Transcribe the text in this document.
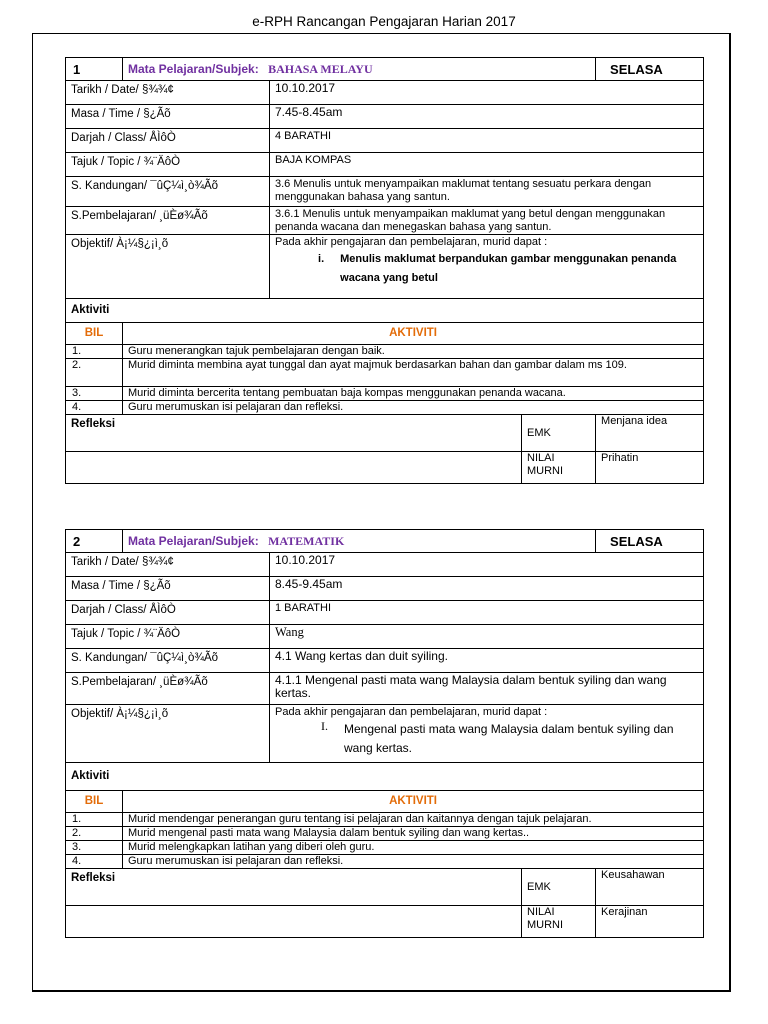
e-RPH Rancangan Pengajaran Harian 2017
1	Mata Pelajaran/Subjek: BAHASA MELAYU			SELASA
Tarikh / Date/ §¾¾¢		10.10.2017		
Masa / Time / §¿Ãõ		7.45-8.45am		
Darjah / Class/ ÅÌôÒ		4 BARATHI		
Tajuk / Topic / ¾¨ÄôÒ		BAJA KOMPAS		
S. Kandungan/ ¯ûÇ¼ì¸ò¾Ãõ		3.6 Menulis untuk menyampaikan maklumat tentang sesuatu perkara dengan menggunakan bahasa yang santun.		
S.Pembelajaran/ ¸üÈø¾Ãõ		3.6.1 Menulis untuk menyampaikan maklumat yang betul dengan menggunakan penanda wacana dan menegaskan bahasa yang santun.		
Objektif/ À¡¼§¿¡ì¸õ		Pada akhir pengajaran dan pembelajaran, murid dapat :
i. Menulis maklumat berpandukan gambar menggunakan penanda wacana yang betul		

Aktiviti				
BIL	AKTIVITI			
1.	Guru menerangkan tajuk pembelajaran dengan baik.			
2.	Murid diminta membina ayat tunggal dan ayat majmuk berdasarkan bahan dan gambar dalam ms 109.			
3.	Murid diminta bercerita tentang pembuatan baja kompas menggunakan penanda wacana.			
4.	Guru merumuskan isi pelajaran dan refleksi.			
Refleksi			EMK	Menjana idea
			NILAI MURNI	Prihatin
2	Mata Pelajaran/Subjek: MATEMATIK			SELASA
Tarikh / Date/ §¾¾¢		10.10.2017		
Masa / Time / §¿Ãõ		8.45-9.45am		
Darjah / Class/ ÅÌôÒ		1 BARATHI		
Tajuk / Topic / ¾¨ÄôÒ		Wang		
S. Kandungan/ ¯ûÇ¼ì¸ò¾Ãõ		4.1 Wang kertas dan duit syiling.		
S.Pembelajaran/ ¸üÈø¾Ãõ		4.1.1 Mengenal pasti mata wang Malaysia dalam bentuk syiling dan wang kertas.		
Objektif/ À¡¼§¿¡ì¸õ		Pada akhir pengajaran dan pembelajaran, murid dapat :
I. Mengenal pasti mata wang Malaysia dalam bentuk syiling dan wang kertas.		

Aktiviti				
BIL	AKTIVITI			
1.	Murid mendengar penerangan guru tentang isi pelajaran dan kaitannya dengan tajuk pelajaran.			
2.	Murid mengenal pasti mata wang Malaysia dalam bentuk syiling dan wang kertas..			
3.	Murid melengkapkan latihan yang diberi oleh guru.			
4.	Guru merumuskan isi pelajaran dan refleksi.			
Refleksi			EMK	Keusahawan
			NILAI MURNI	Kerajinan
